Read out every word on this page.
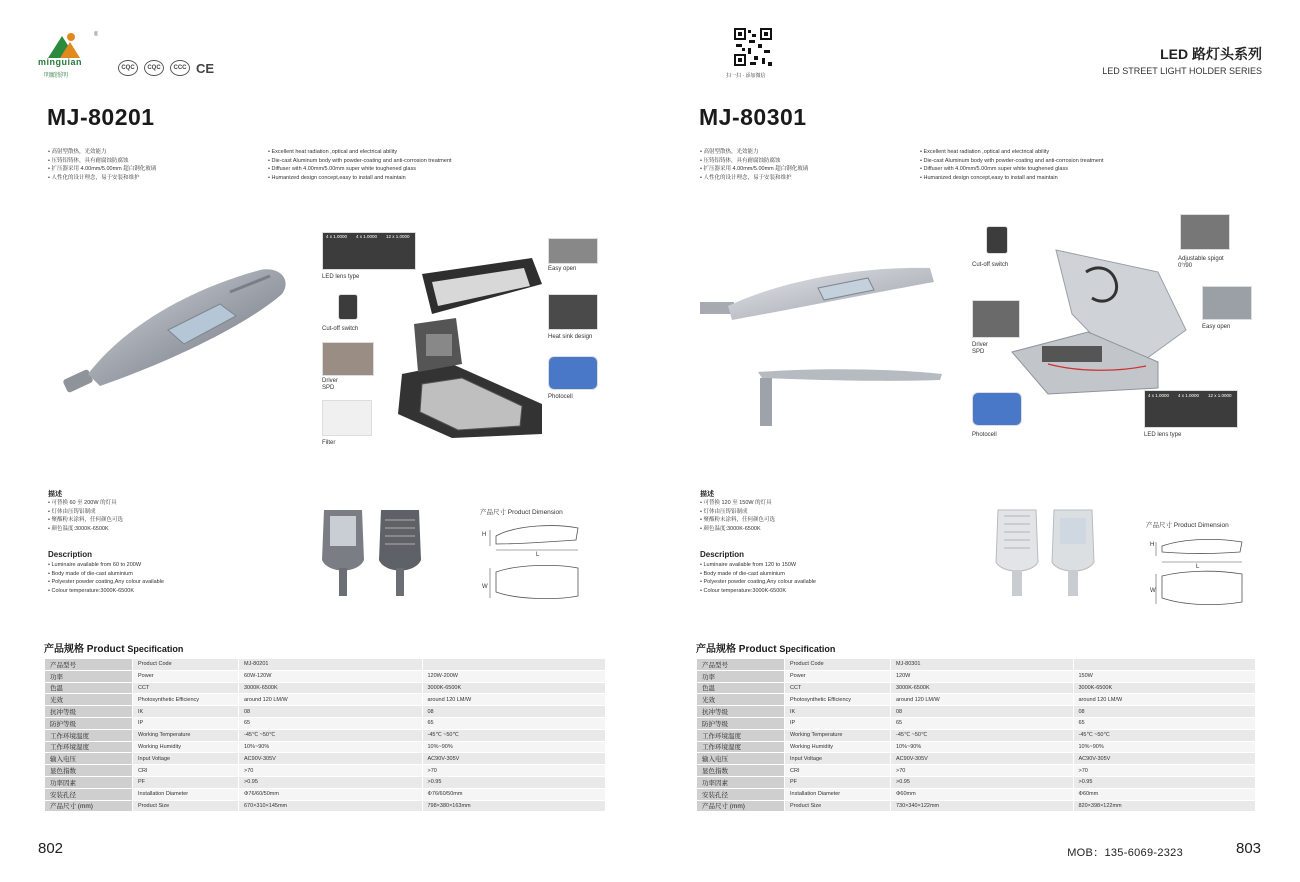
®
minguian
明願照明
CQC	CQC	CCC CE
MJ-80201
• 高射型散热，光效能力
• 压铸铝铸体，具有耐腐蚀防腐蚀
• 扩压器采用 4.00mm/5.00mm 超白钢化玻璃
• 人性化的设计理念，易于安装和维护
• Excellent heat radiation ,optical and electrical ability
• Die-cast Aluminum body with powder-coating and anti-corrosion treatment
• Diffuser with 4.00mm/5.00mm super white toughened glass
• Humanized design concept,easy to install and maintain
4 x 1.0000 4 x 1.0000 12 x 1.0000
LED lens type
Cut-off switch
Driver
SPD
Filter
Easy open
Heat sink design
Photocell
描述
• 可替换 60 至 200W 的灯具
• 灯体由压铸铝制成
• 聚酯粉末涂料，任何颜色可选
• 颜色温度:3000K-6500K
Description
• Luminaire available from 60 to 200W
• Body made of die-cast aluminium
• Polyester powder coating,Any colour available
• Colour temperature:3000K-6500K
产品尺寸 Product Dimension
H
L
W
产品规格 Product Specification
产品型号	Product Code	MJ-80201	
功率	Power	60W-120W	120W-200W
色温	CCT	3000K-6500K	3000K-6500K
光效	Photosynthetic Efficiency	around 120 LM/W	around 120 LM/W
抗冲等级	IK	08	08
防护等级	IP	65	65
工作环境温度	Working Temperature	-45℃ ~50℃	-45℃ ~50℃
工作环境湿度	Working Humidity	10%~90%	10%~90%
输入电压	Input Voltage	AC90V-305V	AC90V-305V
显色指数	CRI	>70	>70
功率因素	PF	>0.95	>0.95
安装孔径	Installation Diameter	Φ76/60/50mm	Φ76/60/50mm
产品尺寸 (mm)	Product Size	670×310×145mm	798×380×163mm
802
扫一扫 · 添加微信
LED 路灯头系列
LED STREET LIGHT HOLDER SERIES
MJ-80301
• 高射型散热，光效能力
• 压铸铝铸体，具有耐腐蚀防腐蚀
• 扩压器采用 4.00mm/5.00mm 超白钢化玻璃
• 人性化的设计理念，易于安装和维护
• Excellent heat radiation ,optical and electrical ability
• Die-cast Aluminum body with powder-coating and anti-corrosion treatment
• Diffuser with 4.00mm/5.00mm super white toughened glass
• Humanized design concept,easy to install and maintain
Cut-off switch
Adjustable spigot
0°/90
Easy open
Driver
SPD
Photocell
4 x 1.0000 4 x 1.0000 12 x 1.0000
LED lens type
描述
• 可替换 120 至 150W 的灯具
• 灯体由压铸铝制成
• 聚酯粉末涂料，任何颜色可选
• 颜色温度:3000K-6500K
Description
• Luminaire available from 120 to 150W
• Body made of die-cast aluminium
• Polyester powder coating,Any colour available
• Colour temperature:3000K-6500K
产品尺寸 Product Dimension
H
L
W
产品规格 Product Specification
产品型号	Product Code	MJ-80301	
功率	Power	120W	150W
色温	CCT	3000K-6500K	3000K-6500K
光效	Photosynthetic Efficiency	around 120 LM/W	around 120 LM/W
抗冲等级	IK	08	08
防护等级	IP	65	65
工作环境温度	Working Temperature	-45℃ ~50℃	-45℃ ~50℃
工作环境湿度	Working Humidity	10%~90%	10%~90%
输入电压	Input Voltage	AC90V-305V	AC90V-305V
显色指数	CRI	>70	>70
功率因素	PF	>0.95	>0.95
安装孔径	Installation Diameter	Φ60mm	Φ60mm
产品尺寸 (mm)	Product Size	730×340×122mm	820×398×122mm
MOB：135-6069-2323	803
